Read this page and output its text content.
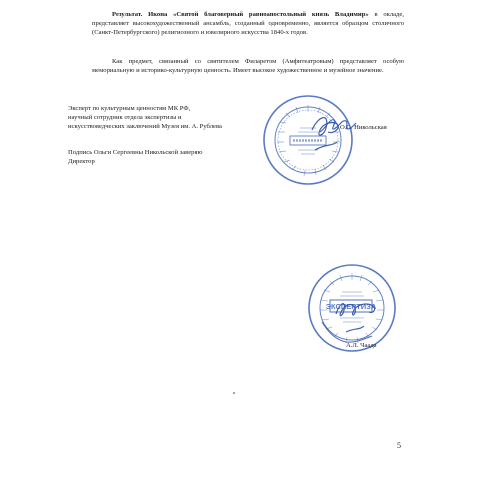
Результат. Икона «Святой благоверный равноапостольный князь Владимир» в окладе, представляет высокохудожественный ансамбль, созданный одновременно, является образцом столичного (Санкт-Петербургского) религиозного и ювелирного искусства 1840-х годов.

Как предмет, связанный со святителем Филаретом (Амфитеатровым) представляет особую мемориальную и историко-культурную ценность. Имеет высокое художественное и музейное значение.

Эксперт по культурным ценностям МК РФ,
научный сотрудник отдела экспертизы и
искусствоведческих заключений Музея им. А. Рублева	О.С. Никольская
Подпись Ольги Сергеевны Никольской заверяю
Директор
ЭКСПЕРТИЗА
А.Л. Чаада
5
